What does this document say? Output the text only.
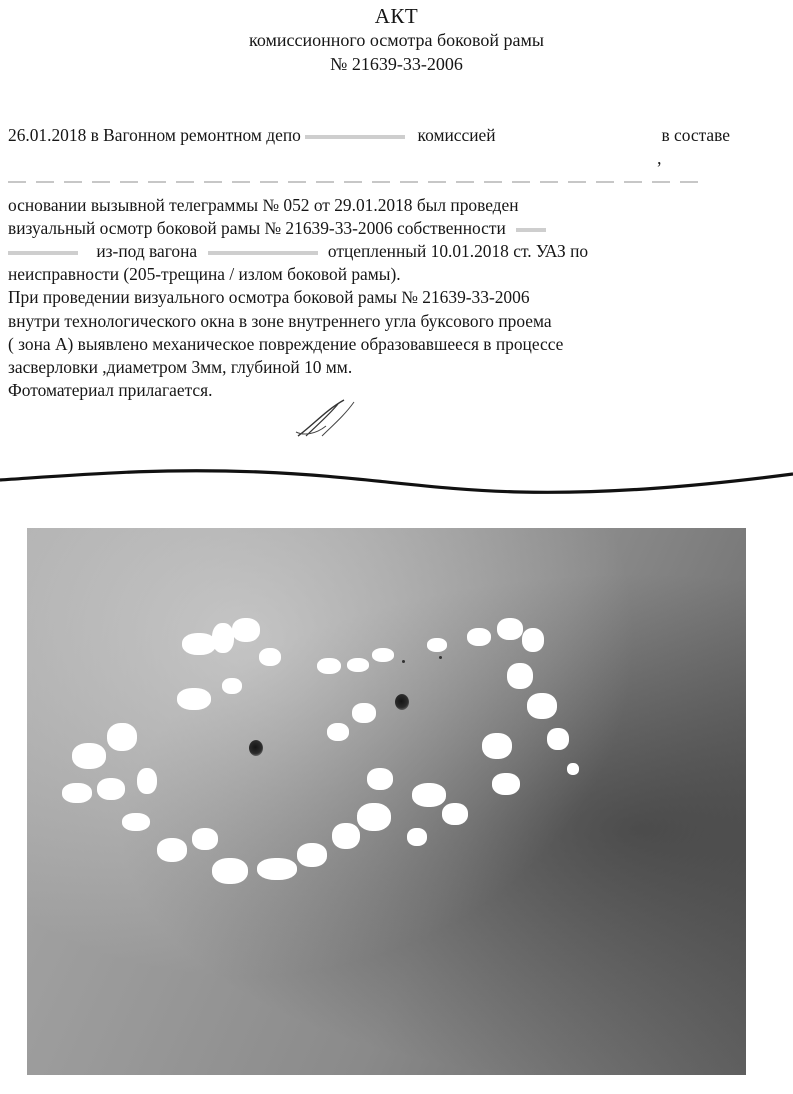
АКТ

комиссионного осмотра боковой рамы

№ 21639-33-2006

26.01.2018 в Вагонном ремонтном депо	комиссией	в составе
,
основании вызывной телеграммы № 052 от 29.01.2018 был проведен
визуальный осмотр боковой рамы № 21639-33-2006 собственности
из-под вагона	отцепленный 10.01.2018 ст. УАЗ по
неисправности (205-трещина / излом боковой рамы).
При проведении визуального осмотра боковой рамы № 21639-33-2006
внутри технологического окна в зоне внутреннего угла буксового проема
( зона А) выявлено механическое повреждение образовавшееся в процессе
засверловки ,диаметром 3мм, глубиной 10 мм.
Фотоматериал прилагается.
